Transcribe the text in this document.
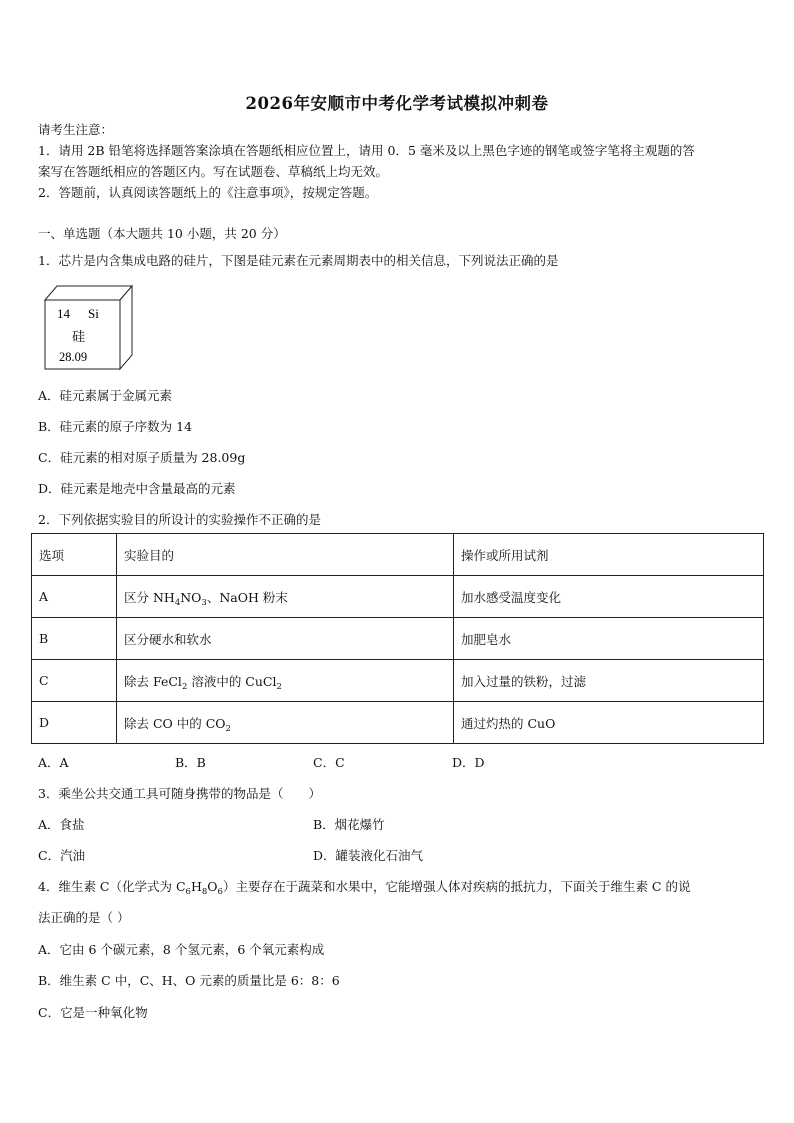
2026年安顺市中考化学考试模拟冲刺卷
请考生注意：
1．请用 2B 铅笔将选择题答案涂填在答题纸相应位置上，请用 0．5 毫米及以上黑色字迹的钢笔或签字笔将主观题的答
案写在答题纸相应的答题区内。写在试题卷、草稿纸上均无效。
2．答题前，认真阅读答题纸上的《注意事项》，按规定答题。
一、单选题（本大题共 10 小题，共 20 分）
1．芯片是内含集成电路的硅片，下图是硅元素在元素周期表中的相关信息，下列说法正确的是
14 Si
硅
28.09
A．硅元素属于金属元素
B．硅元素的原子序数为 14
C．硅元素的相对原子质量为 28.09g
D．硅元素是地壳中含量最高的元素
2．下列依据实验目的所设计的实验操作不正确的是
选项	实验目的	操作或所用试剂
A	区分 $NH_4NO_3$、NaOH 粉末	加水感受温度变化
B	区分硬水和软水	加肥皂水
C	除去 FeCl$_2$ 溶液中的 CuCl$_2$	加入过量的铁粉，过滤
D	除去 CO 中的 $CO_2$	通过灼热的 CuO
A．A	B．B	C．C	D．D
3．乘坐公共交通工具可随身携带的物品是（　　）
A．食盐	B．烟花爆竹
C．汽油	D．罐装液化石油气
4．维生素 C（化学式为 $C_6H_8O_6$）主要存在于蔬菜和水果中，它能增强人体对疾病的抵抗力，下面关于维生素 C 的说
法正确的是（ ）
A．它由 6 个碳元素，8 个氢元素，6 个氧元素构成
B．维生素 C 中，C、H、O 元素的质量比是 6：8：6
C．它是一种氧化物
